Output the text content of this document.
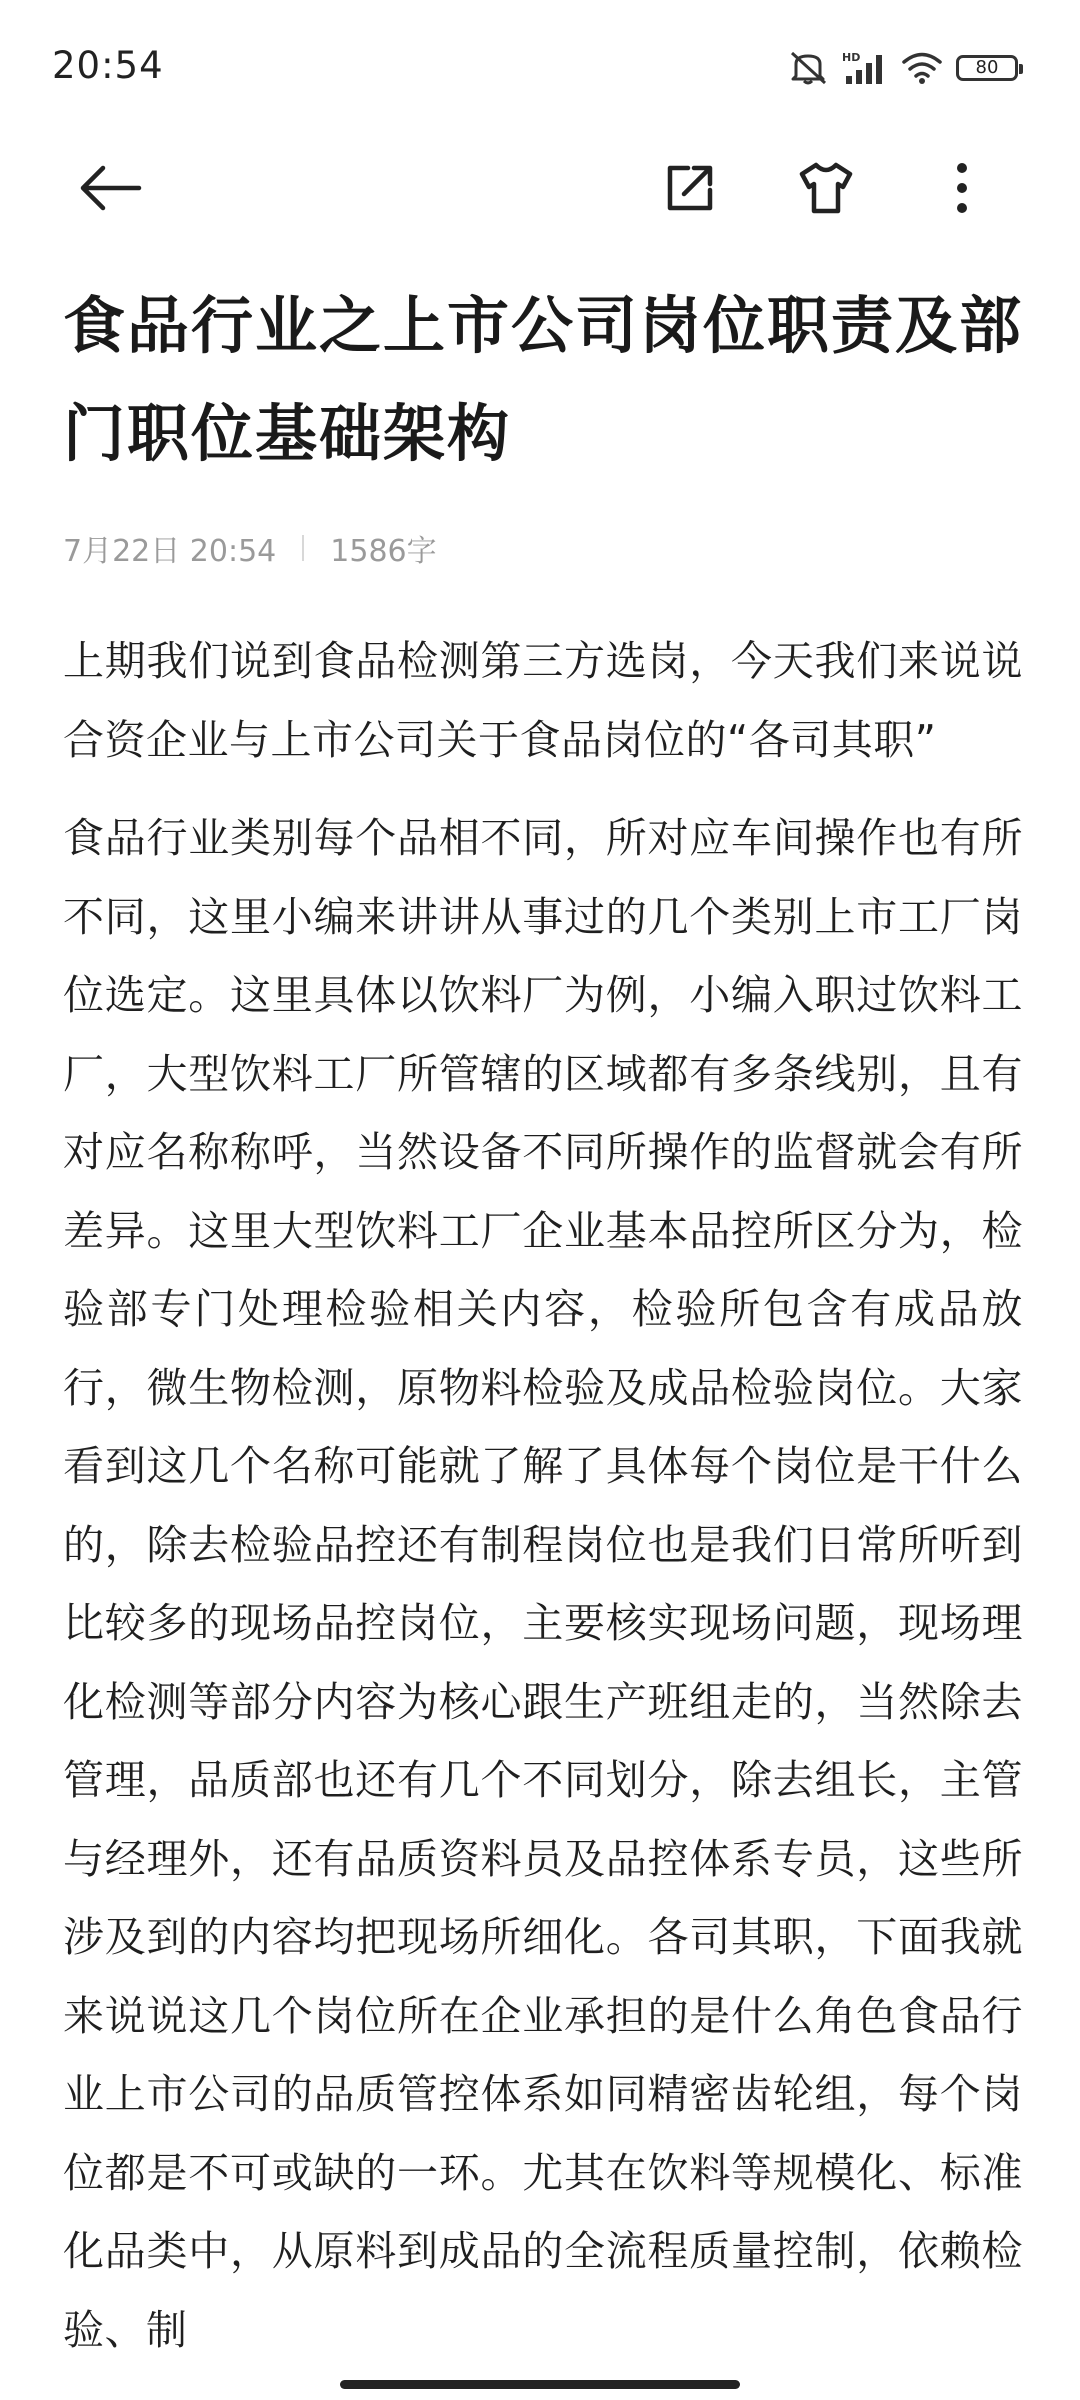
20:54	HD	80
食品行业之上市公司岗位职责及部门职位基础架构
7月22日 20:54 1586字

上期我们说到食品检测第三方选岗，今天我们来说说合资企业与上市公司关于食品岗位的“各司其职”

食品行业类别每个品相不同，所对应车间操作也有所不同，这里小编来讲讲从事过的几个类别上市工厂岗位选定。这里具体以饮料厂为例，小编入职过饮料工厂，大型饮料工厂所管辖的区域都有多条线别，且有对应名称称呼，当然设备不同所操作的监督就会有所差异。这里大型饮料工厂企业基本品控所区分为，检验部专门处理检验相关内容，检验所包含有成品放行，微生物检测，原物料检验及成品检验岗位。大家看到这几个名称可能就了解了具体每个岗位是干什么的，除去检验品控还有制程岗位也是我们日常所听到比较多的现场品控岗位，主要核实现场问题，现场理化检测等部分内容为核心跟生产班组走的，当然除去管理，品质部也还有几个不同划分，除去组长，主管与经理外，还有品质资料员及品控体系专员，这些所涉及到的内容均把现场所细化。各司其职，下面我就来说说这几个岗位所在企业承担的是什么角色食品行业上市公司的品质管控体系如同精密齿轮组，每个岗位都是不可或缺的一环。尤其在饮料等规模化、标准化品类中，从原料到成品的全流程质量控制，依赖检验、制
